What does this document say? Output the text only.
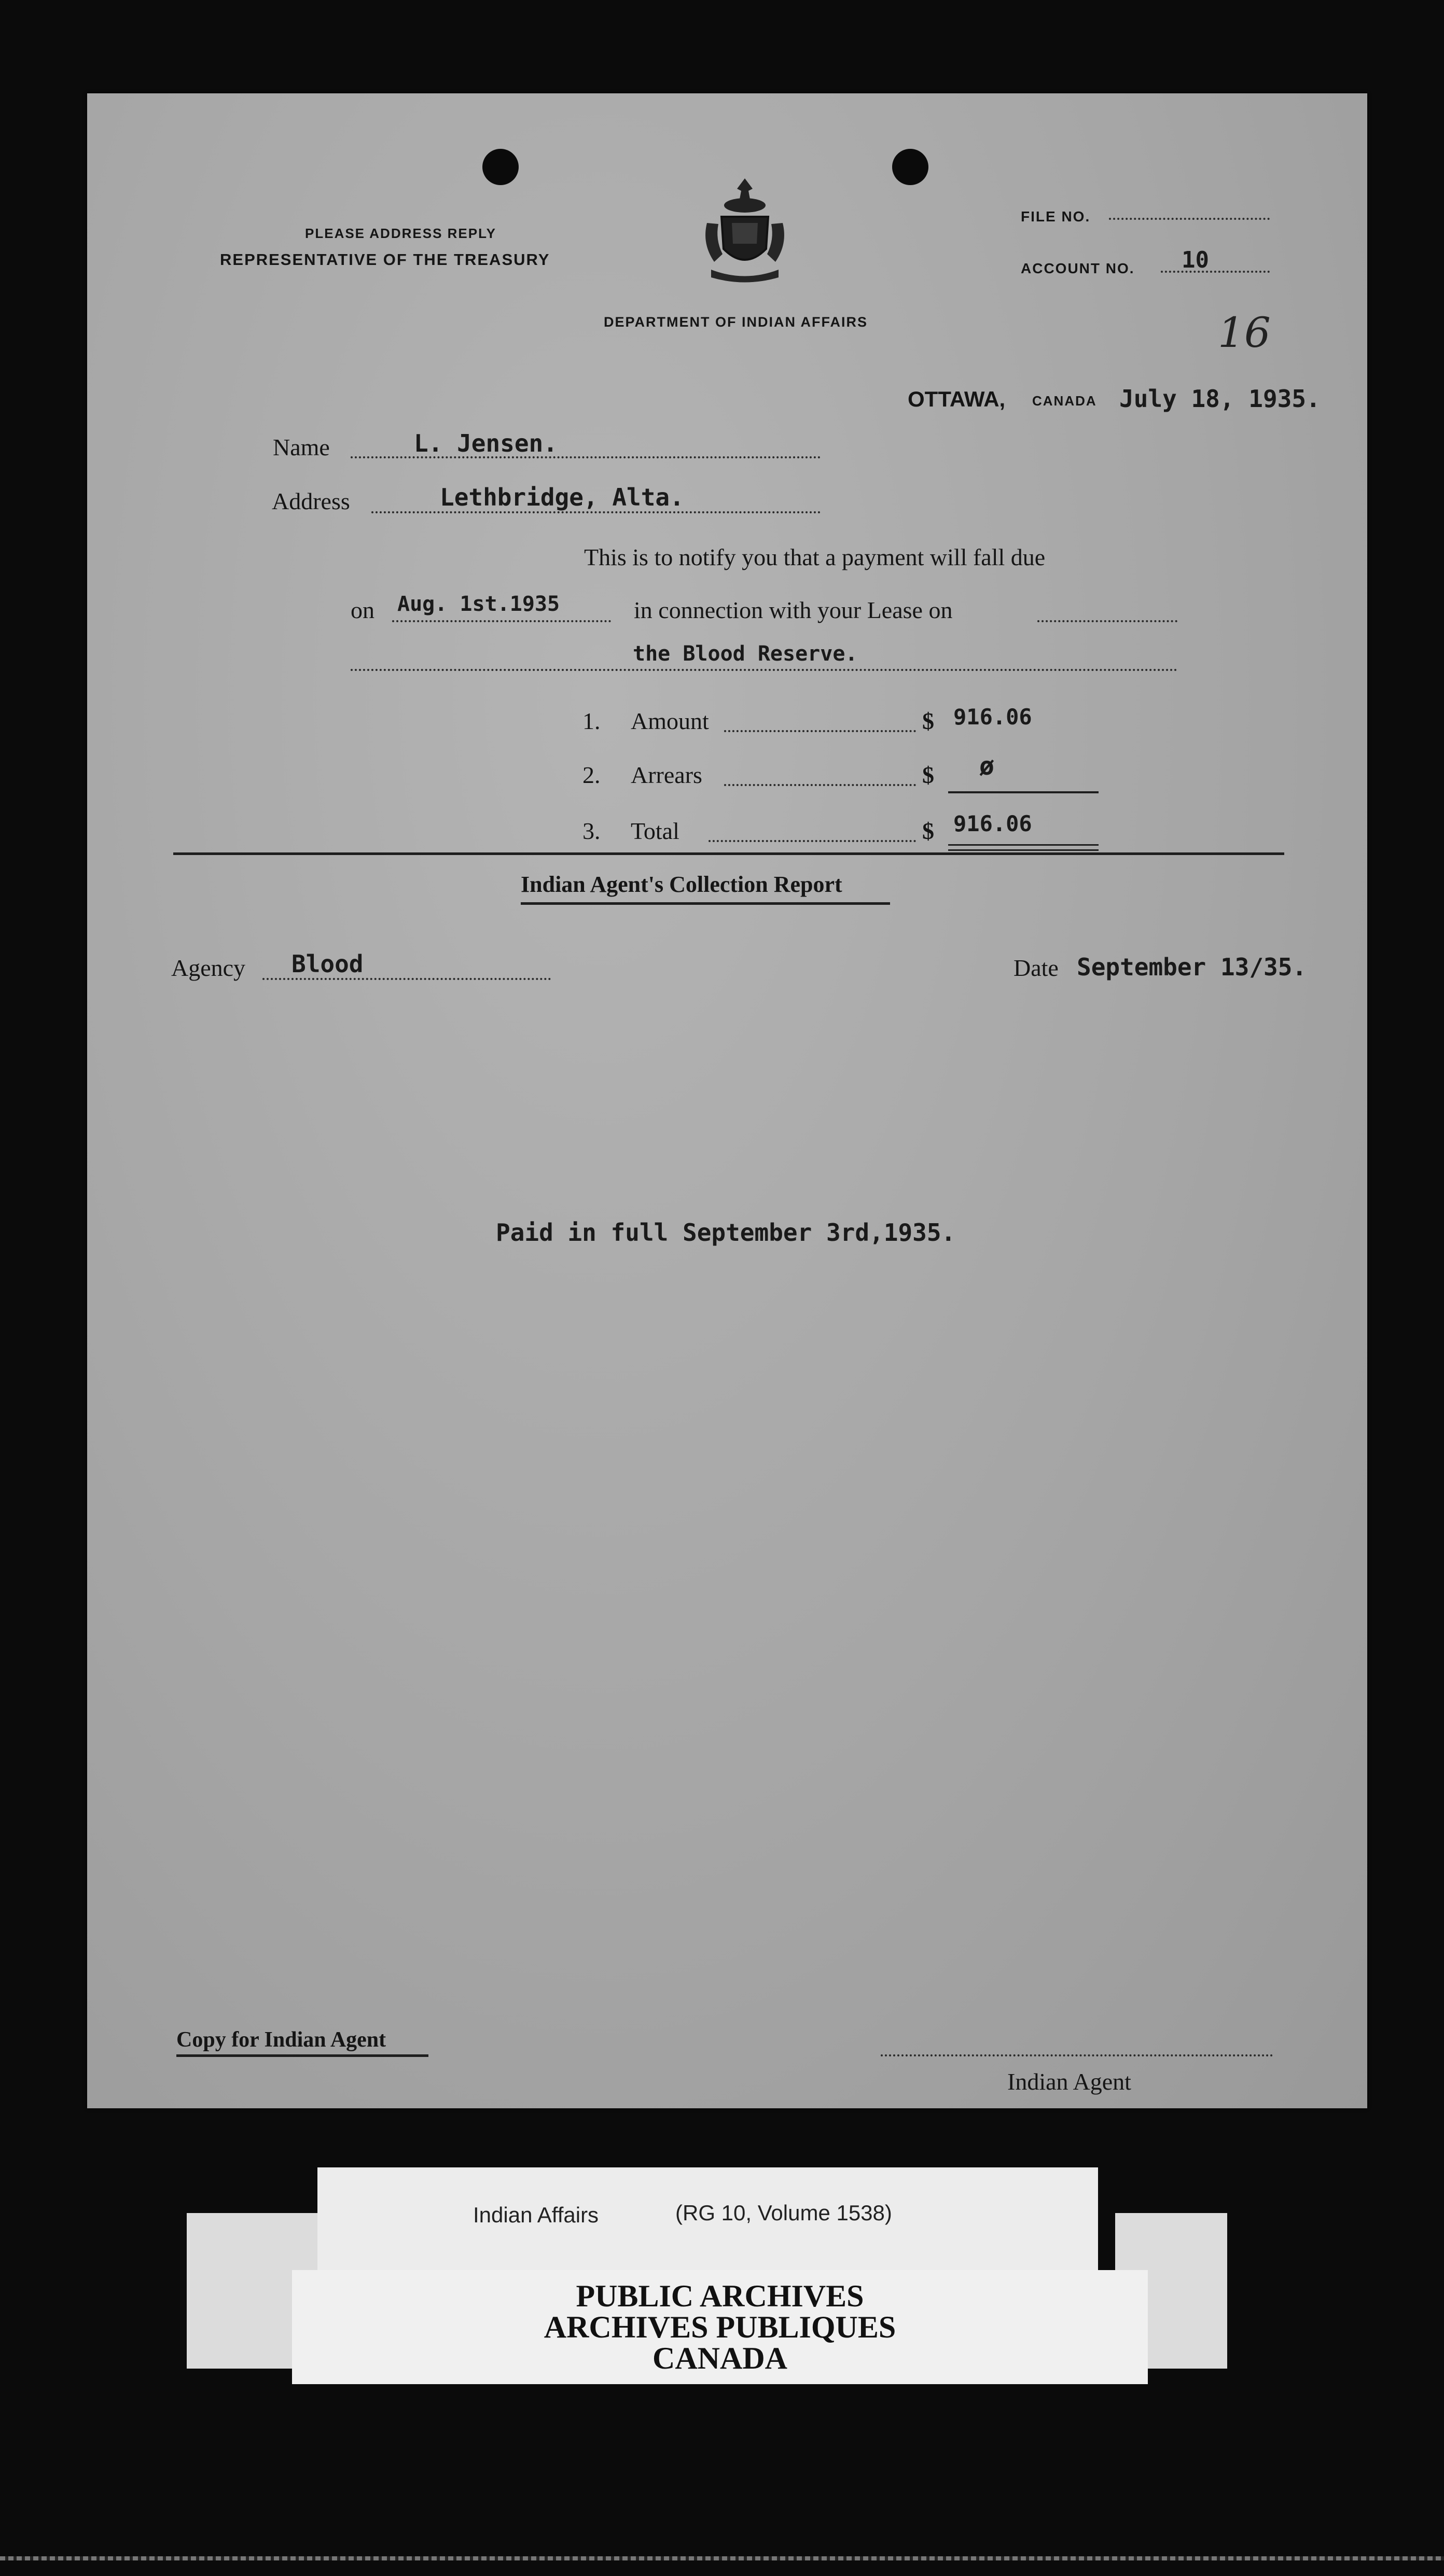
PLEASE ADDRESS REPLY
REPRESENTATIVE OF THE TREASURY
DEPARTMENT OF INDIAN AFFAIRS
FILE NO.
ACCOUNT NO. 10
16
OTTAWA, CANADA July 18, 1935.
Name	L. Jensen.
Address	Lethbridge, Alta.
This is to notify you that a payment will fall due
on Aug. 1st.1935	in connection with your Lease on
the Blood Reserve.
1. Amount	$ 916.06
2. Arrears	$ ø
3. Total	$ 916.06
Indian Agent's Collection Report
Agency Blood	Date September 13/35.
Paid in full September 3rd,1935.
Copy for Indian Agent
Indian Agent
Indian Affairs	(RG 10, Volume 1538)
PUBLIC ARCHIVES
ARCHIVES PUBLIQUES
CANADA
